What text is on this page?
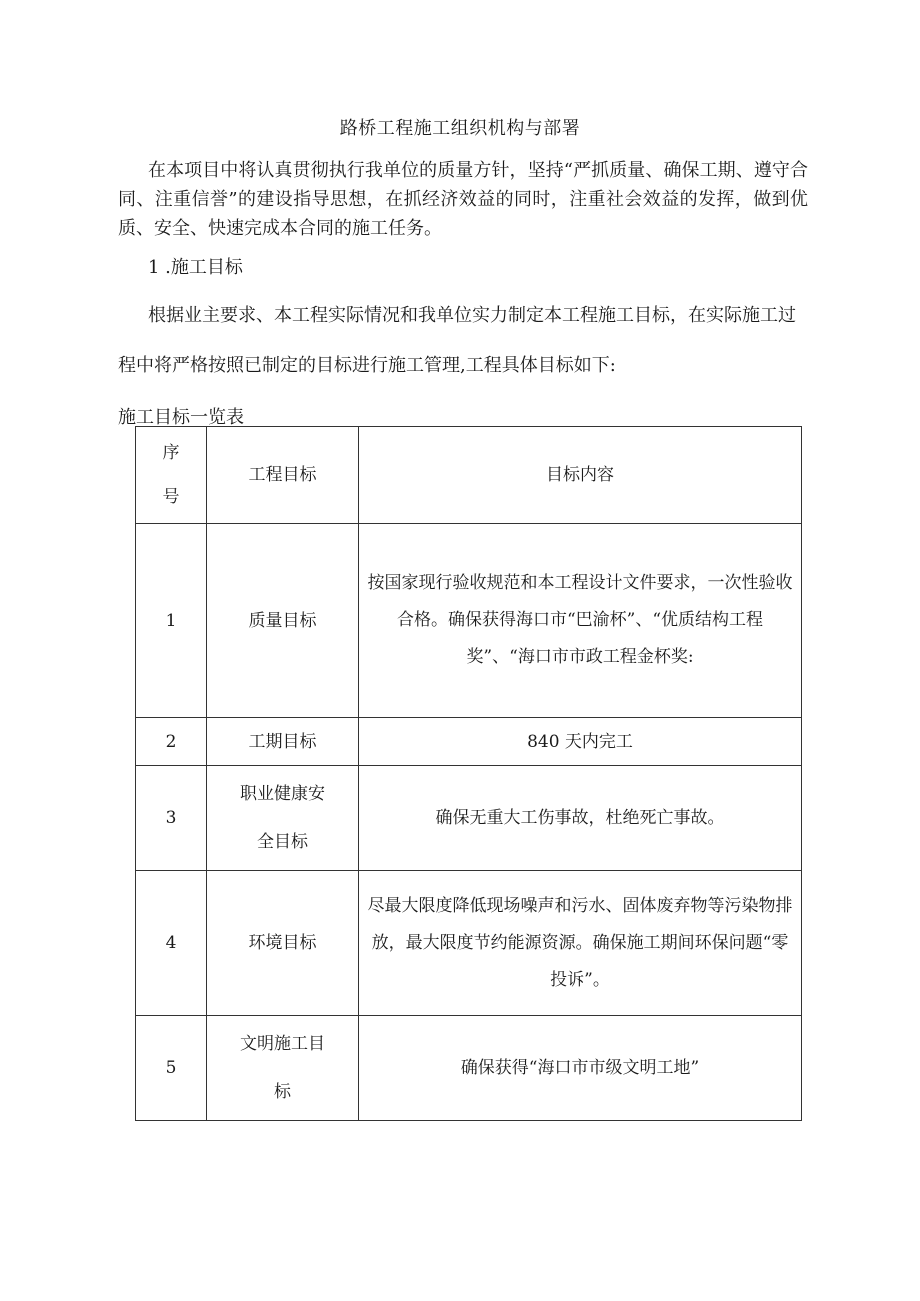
路桥工程施工组织机构与部署

在本项目中将认真贯彻执行我单位的质量方针，坚持“严抓质量、确保工期、遵守合同、注重信誉”的建设指导思想，在抓经济效益的同时，注重社会效益的发挥，做到优质、安全、快速完成本合同的施工任务。

1 .施工目标
根据业主要求、本工程实际情况和我单位实力制定本工程施工目标，在实际施工过
程中将严格按照已制定的目标进行施工管理,工程具体目标如下:
施工目标一览表
序号	工程目标	目标内容
1	质量目标	按国家现行验收规范和本工程设计文件要求，一次性验收合格。确保获得海口市“巴渝杯”、“优质结构工程奖”、“海口市市政工程金杯奖:
2	工期目标	840 天内完工
3	职业健康安全目标	确保无重大工伤事故，杜绝死亡事故。
4	环境目标	尽最大限度降低现场噪声和污水、固体废弃物等污染物排放，最大限度节约能源资源。确保施工期间环保问题“零投诉”。
5	文明施工目标	确保获得“海口市市级文明工地”
